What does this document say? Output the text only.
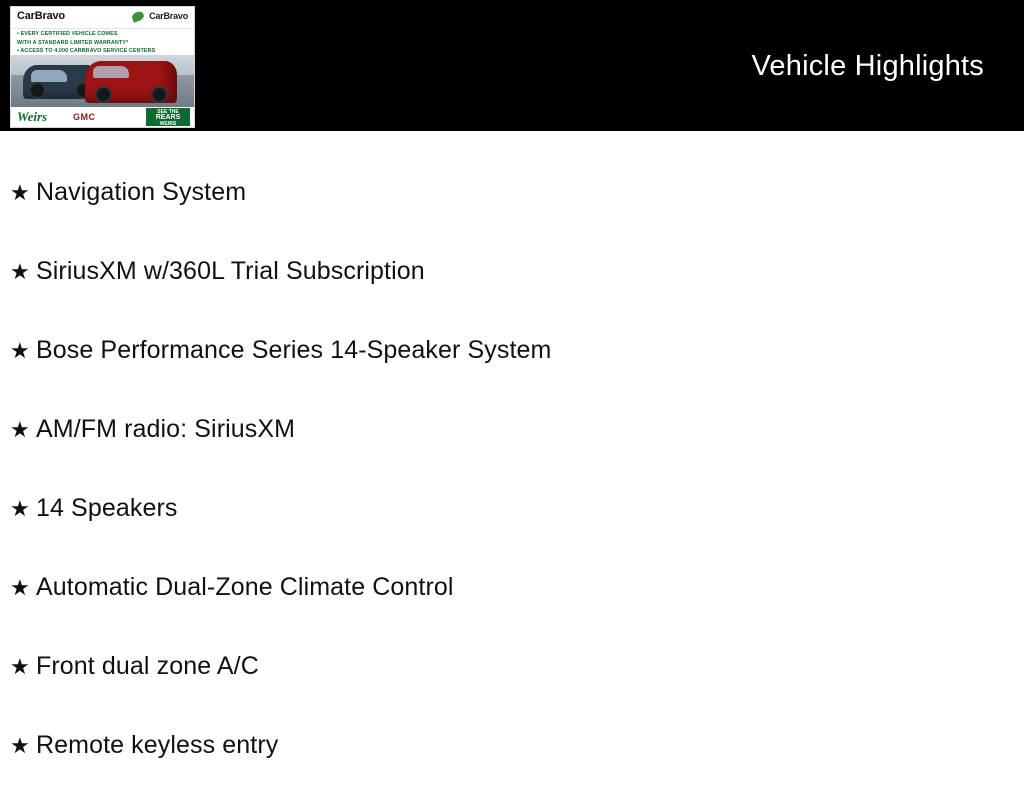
CarBravo	CarBravo
• EVERY CERTIFIED VEHICLE COMES
WITH A STANDARD LIMITED WARRANTY*
• ACCESS TO 4,000 CARBRAVO SERVICE CENTERS
Weirs	GMC	SEE THE
REARS
WEIRS
Vehicle Highlights
★ Navigation System
★ SiriusXM w/360L Trial Subscription
★ Bose Performance Series 14-Speaker System
★ AM/FM radio: SiriusXM
★ 14 Speakers
★ Automatic Dual-Zone Climate Control
★ Front dual zone A/C
★ Remote keyless entry
